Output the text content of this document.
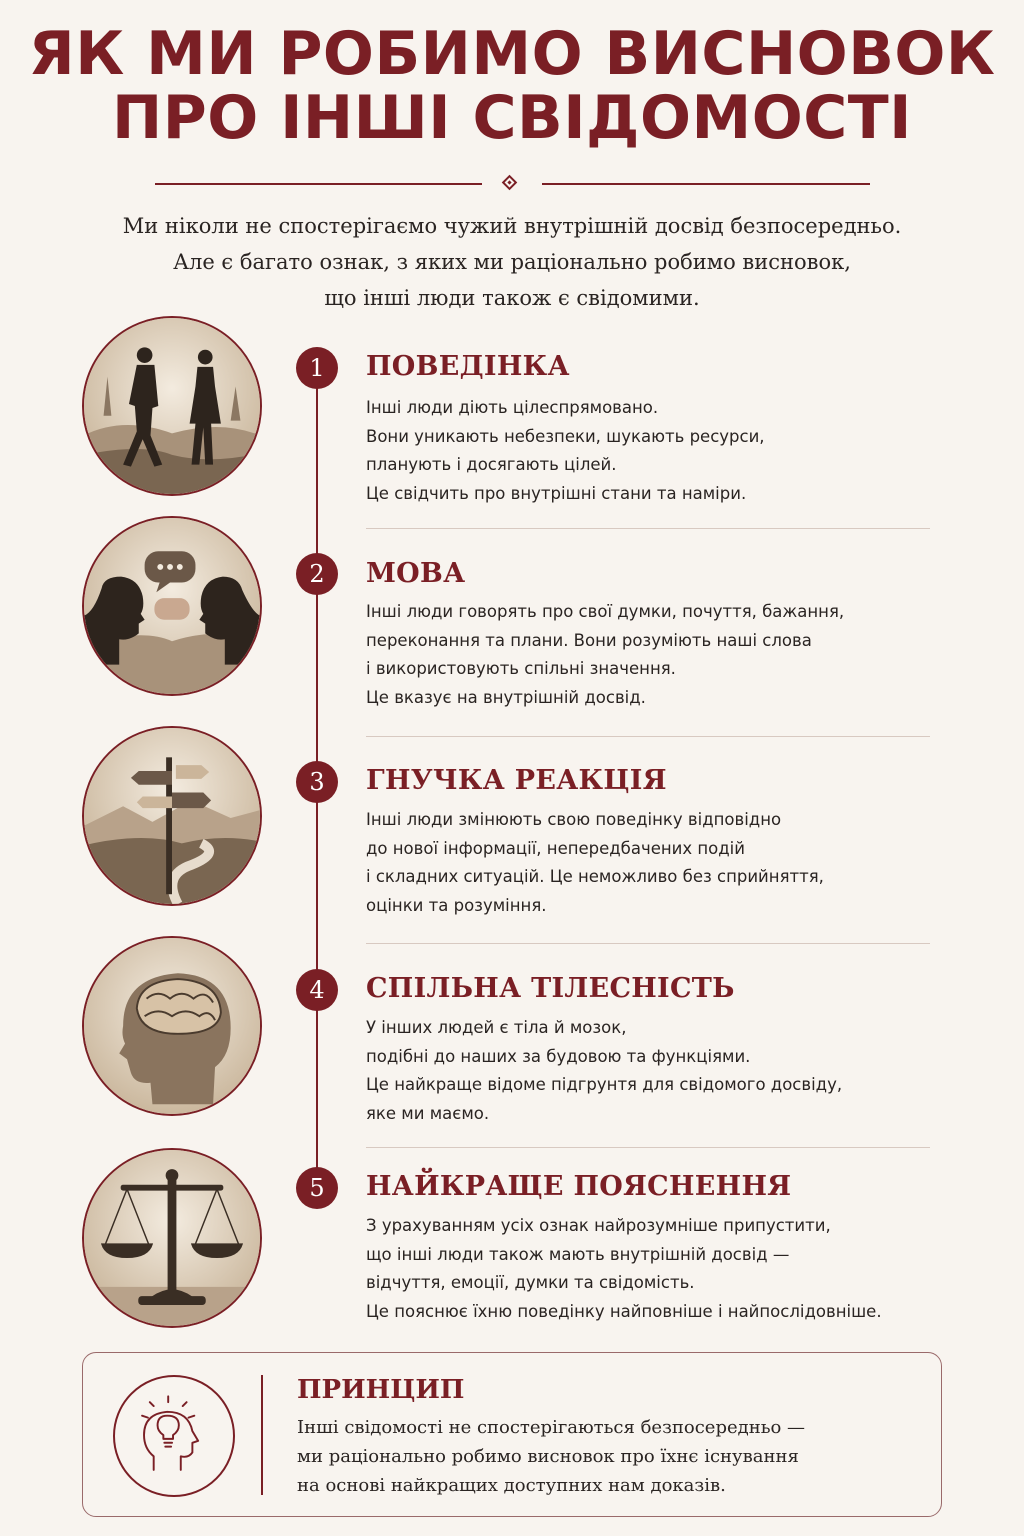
ЯК МИ РОБИМО ВИСНОВОК
ПРО ІНШІ СВІДОМОСТІ
Ми ніколи не спостерігаємо чужий внутрішній досвід безпосередньо.
Але є багато ознак, з яких ми раціонально робимо висновок,
що інші люди також є свідомими.
1	ПОВЕДІНКА
Інші люди діють цілеспрямовано.
Вони уникають небезпеки, шукають ресурси,
планують і досягають цілей.
Це свідчить про внутрішні стани та наміри.
2	МОВА
Інші люди говорять про свої думки, почуття, бажання,
переконання та плани. Вони розуміють наші слова
і використовують спільні значення.
Це вказує на внутрішній досвід.
3	ГНУЧКА РЕАКЦІЯ
Інші люди змінюють свою поведінку відповідно
до нової інформації, непередбачених подій
і складних ситуацій. Це неможливо без сприйняття,
оцінки та розуміння.
4	СПІЛЬНА ТІЛЕСНІСТЬ
У інших людей є тіла й мозок,
подібні до наших за будовою та функціями.
Це найкраще відоме підгрунтя для свідомого досвіду,
яке ми маємо.
5	НАЙКРАЩЕ ПОЯСНЕННЯ
З урахуванням усіх ознак найрозумніше припустити,
що інші люди також мають внутрішній досвід —
відчуття, емоції, думки та свідомість.
Це пояснює їхню поведінку найповніше і найпослідовніше.
ПРИНЦИП
Інші свідомості не спостерігаються безпосередньо —
ми раціонально робимо висновок про їхнє існування
на основі найкращих доступних нам доказів.
